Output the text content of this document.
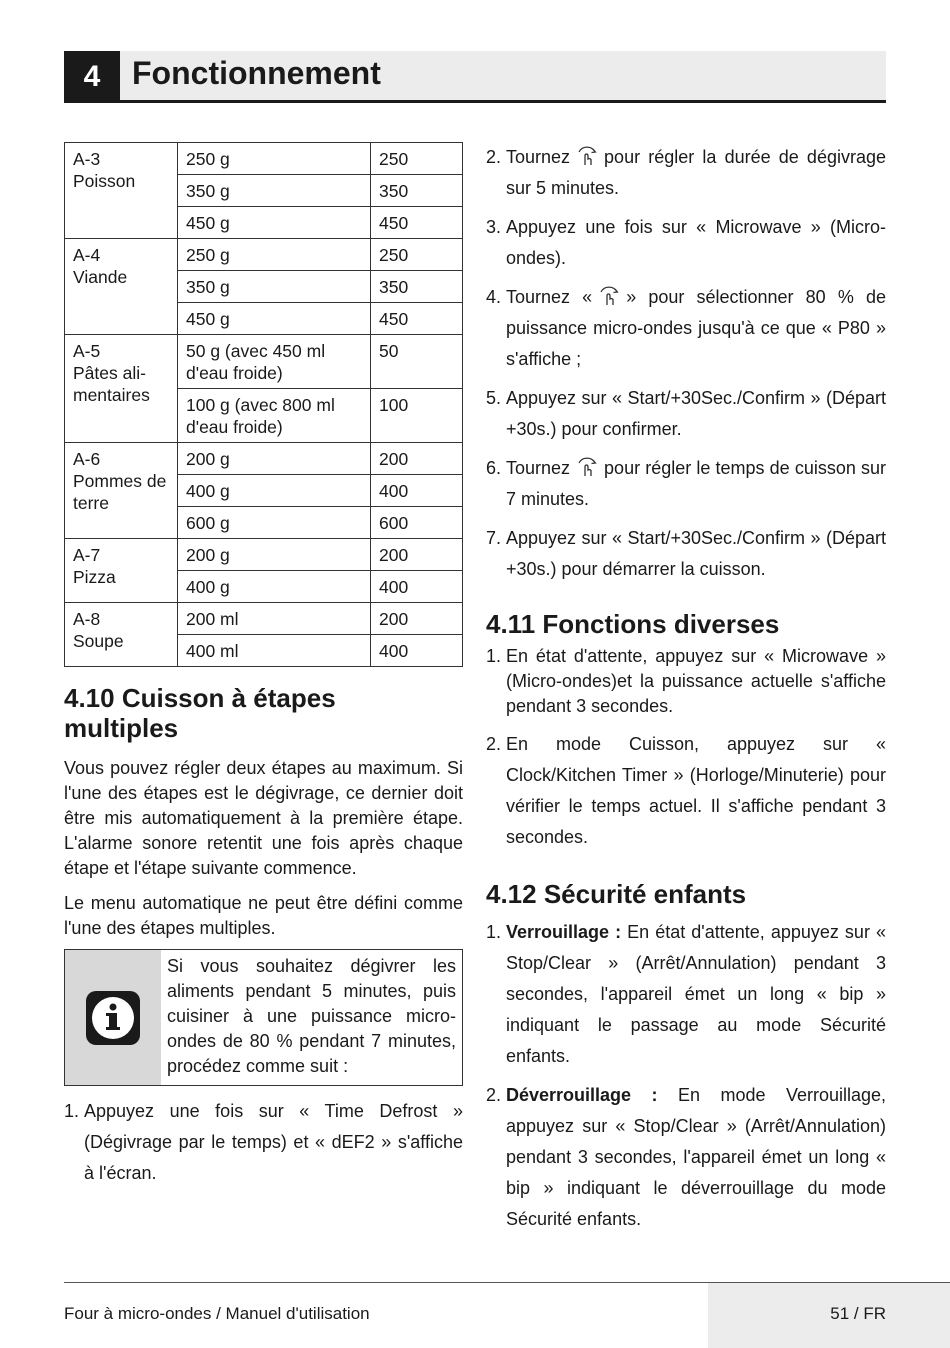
4 Fonctionnement
A-3
Poisson	250 g	250
	350 g	350
	450 g	450
A-4
Viande	250 g	250
	350 g	350
	450 g	450
A-5
Pâtes ali-
mentaires	50 g (avec 450 ml d'eau froide)	50
	100 g (avec 800 ml d'eau froide)	100
A-6
Pommes de
terre	200 g	200
	400 g	400
	600 g	600
A-7
Pizza	200 g	200
	400 g	400
A-8
Soupe	200 ml	200
	400 ml	400
4.10 Cuisson à étapes multiples

Vous pouvez régler deux étapes au maximum. Si l'une des étapes est le dégivrage, ce dernier doit être mis automatiquement à la première étape. L'alarme sonore retentit une fois après chaque étape et l'étape suivante commence.

Le menu automatique ne peut être défini comme l'une des étapes multiples.

Si vous souhaitez dégivrer les aliments pendant 5 minutes, puis cuisiner à une puissance micro-ondes de 80 % pendant 7 minutes, procédez comme suit :
1. Appuyez une fois sur « Time Defrost » (Dégivrage par le temps) et « dEF2 » s'affiche à l'écran.
2. Tournez pour régler la durée de dégivrage sur 5 minutes.
3. Appuyez une fois sur « Microwave » (Micro-ondes).
4. Tournez « » pour sélectionner 80 % de puissance micro-ondes jusqu'à ce que « P80 » s'affiche ;
5. Appuyez sur « Start/+30Sec./Confirm » (Départ +30s.) pour confirmer.
6. Tournez pour régler le temps de cuisson sur 7 minutes.
7. Appuyez sur « Start/+30Sec./Confirm » (Départ +30s.) pour démarrer la cuisson.
4.11 Fonctions diverses
1. En état d'attente, appuyez sur « Microwave » (Micro-ondes)et la puissance actuelle s'affiche pendant 3 secondes.
2. En mode Cuisson, appuyez sur « Clock/Kitchen Timer » (Horloge/Minuterie) pour vérifier le temps actuel. Il s'affiche pendant 3 secondes.
4.12 Sécurité enfants
1. Verrouillage : En état d'attente, appuyez sur « Stop/Clear » (Arrêt/Annulation) pendant 3 secondes, l'appareil émet un long « bip » indiquant le passage au mode Sécurité enfants.
2. Déverrouillage : En mode Verrouillage, appuyez sur « Stop/Clear » (Arrêt/Annulation) pendant 3 secondes, l'appareil émet un long « bip » indiquant le déverrouillage du mode Sécurité enfants.
Four à micro-ondes / Manuel d'utilisation	51 / FR
